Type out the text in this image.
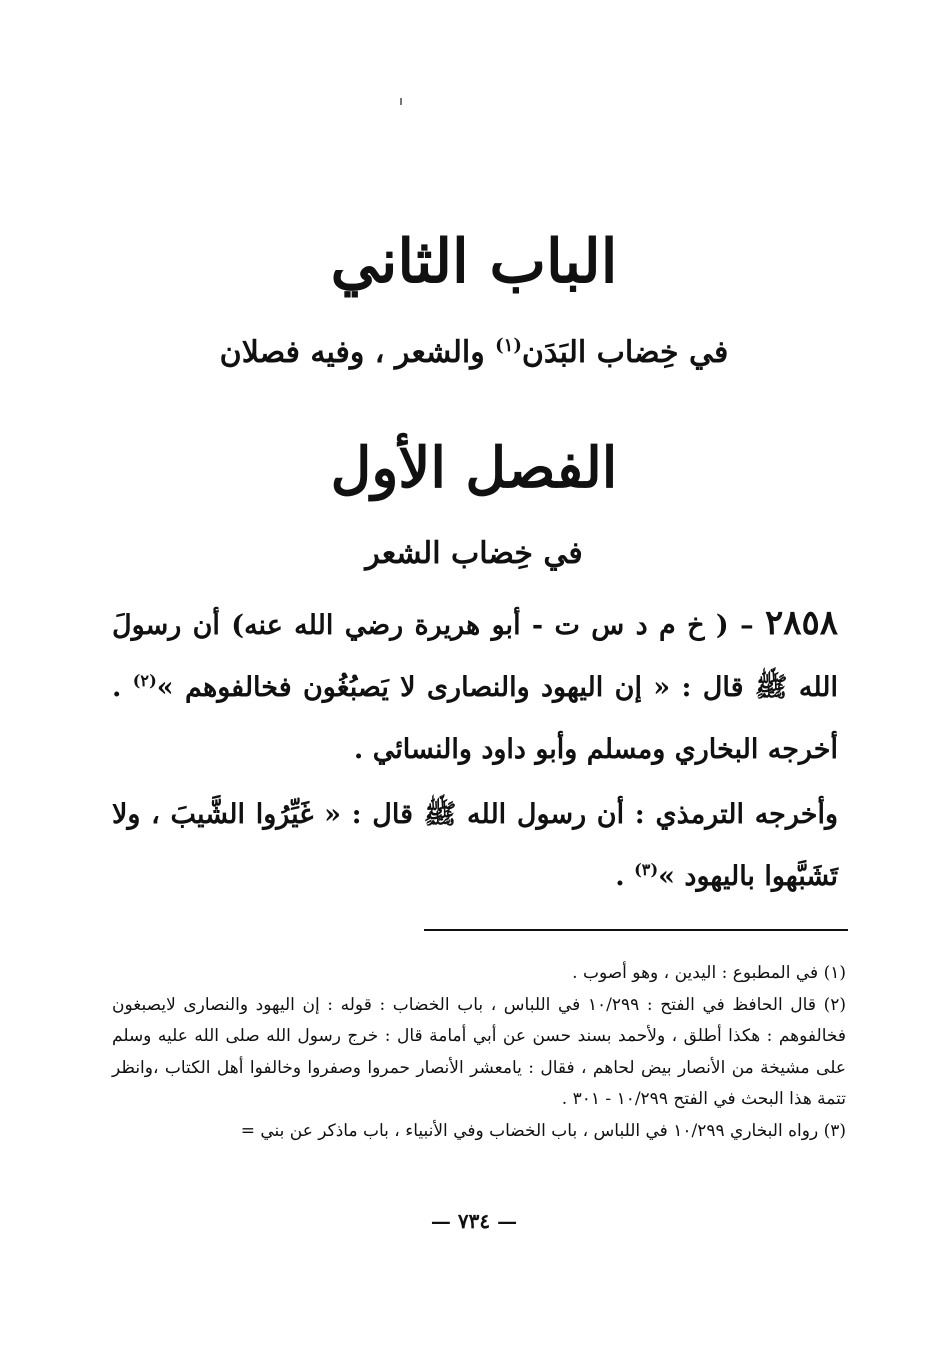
الباب الثاني
في خِضاب البَدَن$^{(١)}$ والشعر ، وفيه فصلان
الفصل الأول
في خِضاب الشعر
٢٨٥٨ – ( خ م د س ت - أبو هريرة رضي الله عنه) أن رسولَ الله ﷺ قال : « إن اليهود والنصارى لا يَصبُغُون فخالفوهم »$^{(٢)}$ . أخرجه البخاري ومسلم وأبو داود والنسائي .
وأخرجه الترمذي : أن رسول الله ﷺ قال : « غَيِّرُوا الشَّيبَ ، ولا تَشَبَّهوا باليهود »$^{(٣)}$ .

(١) في المطبوع : اليدين ، وهو أصوب .

(٢) قال الحافظ في الفتح : ١٠/٢٩٩ في اللباس ، باب الخضاب : قوله : إن اليهود والنصارى لايصبغون فخالفوهم : هكذا أطلق ، ولأحمد بسند حسن عن أبي أمامة قال : خرج رسول الله صلى الله عليه وسلم على مشيخة من الأنصار بيض لحاهم ، فقال : يامعشر الأنصار حمروا وصفروا وخالفوا أهل الكتاب ،وانظر تتمة هذا البحث في الفتح ١٠/٢٩٩ - ٣٠١ .

(٣) رواه البخاري ١٠/٢٩٩ في اللباس ، باب الخضاب وفي الأنبياء ، باب ماذكر عن بني =

— ٧٣٤ —
